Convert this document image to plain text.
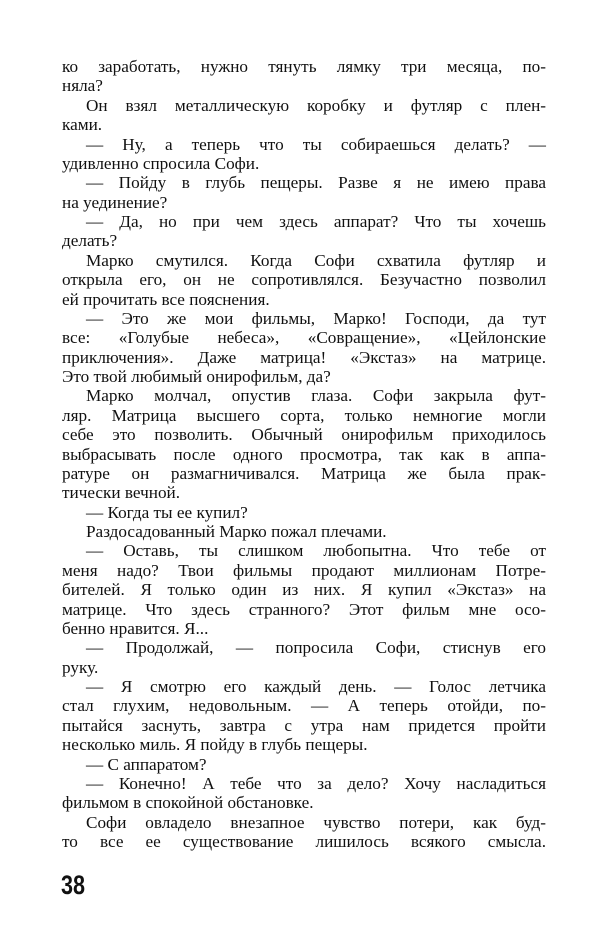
ко заработать, нужно тянуть лямку три месяца, по-
няла?
Он взял металлическую коробку и футляр с плен-
ками.
— Ну, а теперь что ты собираешься делать? —
удивленно спросила Софи.
— Пойду в глубь пещеры. Разве я не имею права
на уединение?
— Да, но при чем здесь аппарат? Что ты хочешь
делать?
Марко смутился. Когда Софи схватила футляр и
открыла его, он не сопротивлялся. Безучастно позволил
ей прочитать все пояснения.
— Это же мои фильмы, Марко! Господи, да тут
все: «Голубые небеса», «Совращение», «Цейлонские
приключения». Даже матрица! «Экстаз» на матрице.
Это твой любимый онирофильм, да?
Марко молчал, опустив глаза. Софи закрыла фут-
ляр. Матрица высшего сорта, только немногие могли
себе это позволить. Обычный онирофильм приходилось
выбрасывать после одного просмотра, так как в аппа-
ратуре он размагничивался. Матрица же была прак-
тически вечной.
— Когда ты ее купил?
Раздосадованный Марко пожал плечами.
— Оставь, ты слишком любопытна. Что тебе от
меня надо? Твои фильмы продают миллионам Потре-
бителей. Я только один из них. Я купил «Экстаз» на
матрице. Что здесь странного? Этот фильм мне осо-
бенно нравится. Я...
— Продолжай, — попросила Софи, стиснув его
руку.
— Я смотрю его каждый день. — Голос летчика
стал глухим, недовольным. — А теперь отойди, по-
пытайся заснуть, завтра с утра нам придется пройти
несколько миль. Я пойду в глубь пещеры.
— С аппаратом?
— Конечно! А тебе что за дело? Хочу насладиться
фильмом в спокойной обстановке.
Софи овладело внезапное чувство потери, как буд-
то все ее существование лишилось всякого смысла.
38
